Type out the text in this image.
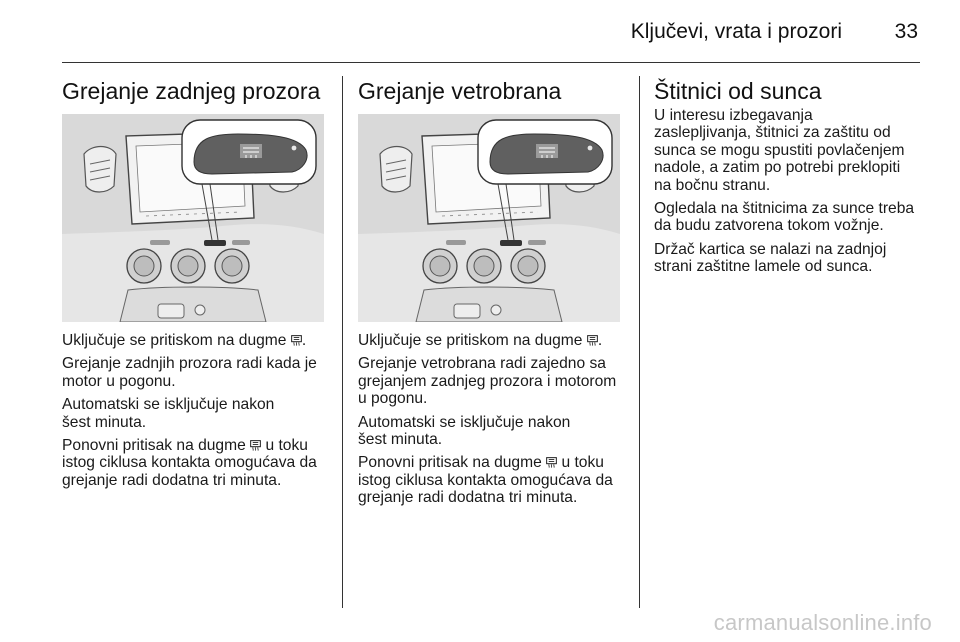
Ključevi, vrata i prozori	33
Grejanje zadnjeg prozora

Uključuje se pritiskom na dugme .

Grejanje zadnjih prozora radi kada je motor u pogonu.

Automatski se isključuje nakon
šest minuta.

Ponovni pritisak na dugme  u toku istog ciklusa kontakta omogućava da grejanje radi dodatna tri minuta.

Grejanje vetrobrana

Uključuje se pritiskom na dugme .

Grejanje vetrobrana radi zajedno sa grejanjem zadnjeg prozora i motorom u pogonu.

Automatski se isključuje nakon
šest minuta.

Ponovni pritisak na dugme  u toku istog ciklusa kontakta omogućava da grejanje radi dodatna tri minuta.

Štitnici od sunca

U interesu izbegavanja
zaslepljivanja, štitnici za zaštitu od
sunca se mogu spustiti povlačenjem
nadole, a zatim po potrebi preklopiti
na bočnu stranu.

Ogledala na štitnicima za sunce treba da budu zatvorena tokom vožnje.

Držač kartica se nalazi na zadnjoj
strani zaštitne lamele od sunca.

carmanualsonline.info
